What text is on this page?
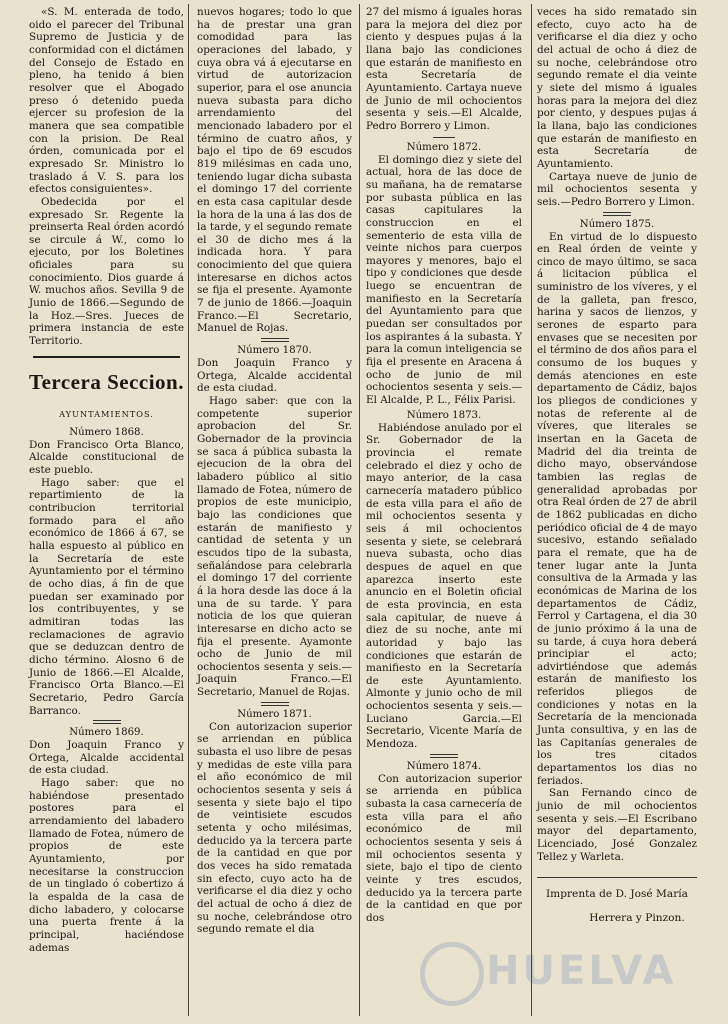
«S. M. enterada de todo, oido el parecer del Tribunal Supremo de Justicia y de conformidad con el dictámen del Consejo de Estado en pleno, ha tenido á bien resolver que el Abogado preso ó detenido pueda ejercer su profesion de la manera que sea compatible con la prision. De Real órden, comunicada por el expresado Sr. Ministro lo traslado á V. S. para los efectos consiguientes».

Obedecida por el expresado Sr. Regente la preinserta Real órden acordó se circule á W., como lo ejecuto, por los Boletines oficiales para su conocimiento. Dios guarde á W. muchos años. Sevilla 9 de Junio de 1866.—Segundo de la Hoz.—Sres. Jueces de primera instancia de este Territorio.

Tercera Seccion.
AYUNTAMIENTOS.
Número 1868.

Don Francisco Orta Blanco, Alcalde constitucional de este pueblo.

Hago saber: que el repartimiento de la contribucion territorial formado para el año económico de 1866 á 67, se halla espuesto al público en la Secretaría de este Ayuntamiento por el término de ocho dias, á fin de que puedan ser examinado por los contribuyentes, y se admitiran todas las reclamaciones de agravio que se deduzcan dentro de dicho término. Alosno 6 de Junio de 1866.—El Alcalde, Francisco Orta Blanco.—El Secretario, Pedro García Barranco.

Número 1869.

Don Joaquin Franco y Ortega, Alcalde accidental de esta ciudad.

Hago saber: que no habiéndose presentado postores para el arrendamiento del labadero llamado de Fotea, número de propios de este Ayuntamiento, por necesitarse la construccion de un tinglado ó cobertizo á la espalda de la casa de dicho labadero, y colocarse una puerta frente á la principal, haciéndose ademas

nuevos hogares; todo lo que ha de prestar una gran comodidad para las operaciones del labado, y cuya obra vá á ejecutarse en virtud de autorizacion superior, para el ose anuncia nueva subasta para dicho arrendamiento del mencionado labadero por el término de cuatro años, y bajo el tipo de 69 escudos 819 milésimas en cada uno, teniendo lugar dicha subasta el domingo 17 del corriente en esta casa capitular desde la hora de la una á las dos de la tarde, y el segundo remate el 30 de dicho mes á la indicada hora. Y para conocimiento del que quiera interesarse en dichos actos se fija el presente. Ayamonte 7 de junio de 1866.—Joaquin Franco.—El Secretario, Manuel de Rojas.

Número 1870.

Don Joaquin Franco y Ortega, Alcalde accidental de esta ciudad.

Hago saber: que con la competente superior aprobacion del Sr. Gobernador de la provincia se saca á pública subasta la ejecucion de la obra del labadero público al sitio llamado de Fotea, número de propios de este municipio, bajo las condiciones que estarán de manifiesto y cantidad de setenta y un escudos tipo de la subasta, señalándose para celebrarla el domingo 17 del corriente á la hora desde las doce á la una de su tarde. Y para noticia de los que quieran interesarse en dicho acto se fija el presente. Ayamonte ocho de Junio de mil ochocientos sesenta y seis.—Joaquin Franco.—El Secretario, Manuel de Rojas.

Número 1871.

Con autorizacion superior se arriendan en pública subasta el uso libre de pesas y medidas de este villa para el año económico de mil ochocientos sesenta y seis á sesenta y siete bajo el tipo de veintisiete escudos setenta y ocho milésimas, deducido ya la tercera parte de la cantidad en que por dos veces ha sido rematada sin efecto, cuyo acto ha de verificarse el dia diez y ocho del actual de ocho á diez de su noche, celebrándose otro segundo remate el dia

27 del mismo á iguales horas para la mejora del diez por ciento y despues pujas á la llana bajo las condiciones que estarán de manifiesto en esta Secretaría de Ayuntamiento. Cartaya nueve de Junio de mil ochocientos sesenta y seis.—El Alcalde, Pedro Borrero y Limon.

Número 1872.

El domingo diez y siete del actual, hora de las doce de su mañana, ha de rematarse por subasta pública en las casas capitulares la construccion en el sementerio de esta villa de veinte nichos para cuerpos mayores y menores, bajo el tipo y condiciones que desde luego se encuentran de manifiesto en la Secretaría del Ayuntamiento para que puedan ser consultados por los aspirantes á la subasta. Y para la comun inteligencia se fija el presente en Aracena á ocho de junio de mil ochocientos sesenta y seis.—El Alcalde, P. L., Félix Parisi.

Número 1873.

Habiéndose anulado por el Sr. Gobernador de la provincia el remate celebrado el diez y ocho de mayo anterior, de la casa carnecería matadero público de esta villa para el año de mil ochocientos sesenta y seis á mil ochocientos sesenta y siete, se celebrará nueva subasta, ocho dias despues de aquel en que aparezca inserto este anuncio en el Boletin oficial de esta provincia, en esta sala capitular, de nueve á diez de su noche, ante mi autoridad y bajo las condiciones que estarán de manifiesto en la Secretaría de este Ayuntamiento. Almonte y junio ocho de mil ochocientos sesenta y seis.—Luciano Garcia.—El Secretario, Vicente María de Mendoza.

Número 1874.

Con autorizacion superior se arrienda en pública subasta la casa carnecería de esta villa para el año económico de mil ochocientos sesenta y seis á mil ochocientos sesenta y siete, bajo el tipo de ciento veinte y tres escudos, deducido ya la tercera parte de la cantidad en que por dos

veces ha sido rematado sin efecto, cuyo acto ha de verificarse el dia diez y ocho del actual de ocho á diez de su noche, celebrándose otro segundo remate el dia veinte y siete del mismo á iguales horas para la mejora del diez por ciento, y despues pujas á la llana, bajo las condiciones que estarán de manifiesto en esta Secretaría de Ayuntamiento.

Cartaya nueve de junio de mil ochocientos sesenta y seis.—Pedro Borrero y Limon.

Número 1875.

En virtud de lo dispuesto en Real órden de veinte y cinco de mayo último, se saca á licitacion pública el suministro de los víveres, y el de la galleta, pan fresco, harina y sacos de lienzos, y serones de esparto para envases que se necesiten por el término de dos años para el consumo de los buques y demás atenciones en este departamento de Cádiz, bajos los pliegos de condiciones y notas de referente al de víveres, que literales se insertan en la Gaceta de Madrid del dia treinta de dicho mayo, observándose tambien las reglas de generalidad aprobadas por otra Real órden de 27 de abril de 1862 publicadas en dicho periódico oficial de 4 de mayo sucesivo, estando señalado para el remate, que ha de tener lugar ante la Junta consultiva de la Armada y las económicas de Marina de los departamentos de Cádiz, Ferrol y Cartagena, el dia 30 de junio próximo á la una de su tarde, á cuya hora deberá principiar el acto; advirtiéndose que además estarán de manifiesto los referidos pliegos de condiciones y notas en la Secretaría de la mencionada Junta consultiva, y en las de las Capitanías generales de los tres citados departamentos los dias no feriados.

San Fernando cinco de junio de mil ochocientos sesenta y seis.—El Escribano mayor del departamento, Licenciado, José Gonzalez Tellez y Warleta.

Imprenta de D. José María

Herrera y Pinzon.

HUELVA
